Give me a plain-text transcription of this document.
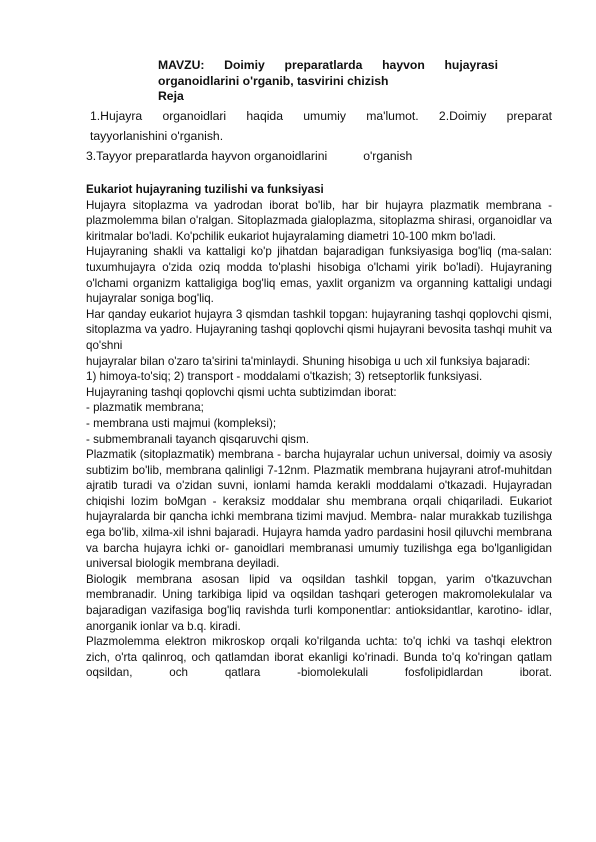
MAVZU: Doimiy preparatlarda hayvon hujayrasi
organoidlarini o'rganib, tasvirini chizish
Reja
1.Hujayra organoidlari haqida umumiy ma'lumot. 2.Doimiy preparat
tayyorlanishini o'rganish.
3.Tayyor preparatlarda hayvon organoidlarini	o'rganish

Eukariot hujayraning tuzilishi va funksiyasi

Hujayra sitoplazma va yadrodan iborat bo'lib, har bir hujayra plazmatik membrana - plazmolemma bilan o'ralgan. Sitoplazmada gialoplazma, sitoplazma shirasi, organoidlar va kiritmalar bo'ladi. Ko'pchilik eukariot hujayralaming diametri 10-100 mkm bo'ladi.

Hujayraning shakli va kattaligi ko'p jihatdan bajaradigan funksiyasiga bog'liq (ma-salan: tuxumhujayra o'zida oziq modda to'plashi hisobiga o'lchami yirik bo'ladi). Hujayraning o'lchami organizm kattaligiga bog'liq emas, yaxlit organizm va organning kattaligi undagi hujayralar soniga bog'liq.

Har qanday eukariot hujayra 3 qismdan tashkil topgan: hujayraning tashqi qoplovchi qismi, sitoplazma va yadro. Hujayraning tashqi qoplovchi qismi hujayrani bevosita tashqi muhit va qo'shni

hujayralar bilan o'zaro ta'sirini ta'minlaydi. Shuning hisobiga u uch xil funksiya bajaradi:

1) himoya-to'siq; 2) transport - moddalami o'tkazish; 3) retseptorlik funksiyasi.

Hujayraning tashqi qoplovchi qismi uchta subtizimdan iborat:

- plazmatik membrana;

- membrana usti majmui (kompleksi);

- submembranali tayanch qisqaruvchi qism.

Plazmatik (sitoplazmatik) membrana - barcha hujayralar uchun universal, doimiy va asosiy subtizim bo'lib, membrana qalinligi 7-12nm. Plazmatik membrana hujayrani atrof-muhitdan ajratib turadi va o'zidan suvni, ionlami hamda kerakli moddalami o'tkazadi. Hujayradan chiqishi lozim boMgan - keraksiz moddalar shu membrana orqali chiqariladi. Eukariot hujayralarda bir qancha ichki membrana tizimi mavjud. Membra- nalar murakkab tuzilishga ega bo'lib, xilma-xil ishni bajaradi. Hujayra hamda yadro pardasini hosil qiluvchi membrana va barcha hujayra ichki or- ganoidlari membranasi umumiy tuzilishga ega bo'lganligidan universal biologik membrana deyiladi.

Biologik membrana asosan lipid va oqsildan tashkil topgan, yarim o'tkazuvchan membranadir. Uning tarkibiga lipid va oqsildan tashqari geterogen makromolekulalar va bajaradigan vazifasiga bog'liq ravishda turli komponentlar: antioksidantlar, karotino- idlar, anorganik ionlar va b.q. kiradi.

Plazmolemma elektron mikroskop orqali ko'rilganda uchta: to'q ichki va tashqi elektron zich, o'rta qalinroq, och qatlamdan iborat ekanligi ko'rinadi. Bunda to'q ko'ringan qatlam oqsildan, och qatlara -biomolekulali fosfolipidlardan iborat.
